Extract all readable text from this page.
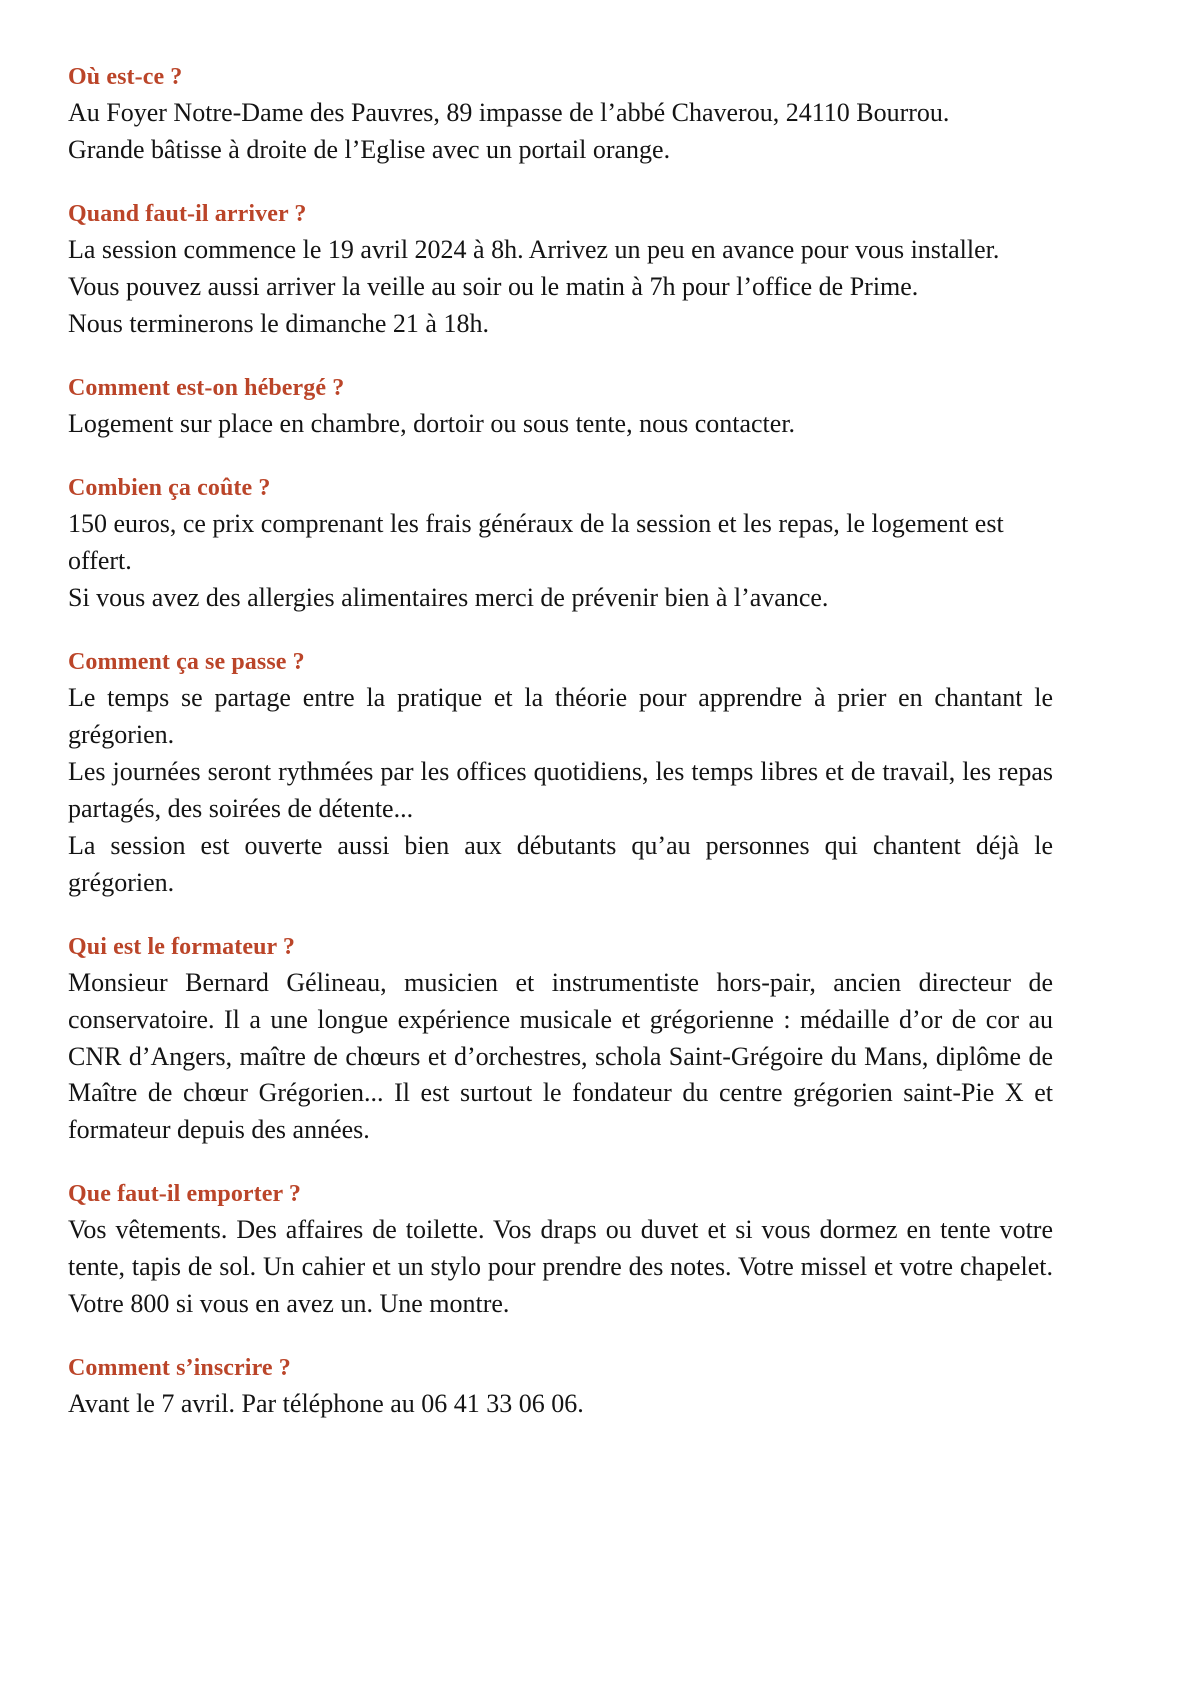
Où est-ce ?
Au Foyer Notre-Dame des Pauvres, 89 impasse de l’abbé Chaverou, 24110 Bourrou.
Grande bâtisse à droite de l’Eglise avec un portail orange.
Quand faut-il arriver ?
La session commence le 19 avril 2024 à 8h. Arrivez un peu en avance pour vous installer.
Vous pouvez aussi arriver la veille au soir ou le matin à 7h pour l’office de Prime.
Nous terminerons le dimanche 21 à 18h.
Comment est-on hébergé ?
Logement sur place en chambre, dortoir ou sous tente, nous contacter.
Combien ça coûte ?
150 euros, ce prix comprenant les frais généraux de la session et les repas, le logement est offert.
Si vous avez des allergies alimentaires merci de prévenir bien à l’avance.
Comment ça se passe ?

Le temps se partage entre la pratique et la théorie pour apprendre à prier en chantant le grégorien.

Les journées seront rythmées par les offices quotidiens, les temps libres et de travail, les repas partagés, des soirées de détente...

La session est ouverte aussi bien aux débutants qu’au personnes qui chantent déjà le grégorien.

Qui est le formateur ?

Monsieur Bernard Gélineau, musicien et instrumentiste hors-pair, ancien directeur de conservatoire. Il a une longue expérience musicale et grégorienne : médaille d’or de cor au CNR d’Angers, maître de chœurs et d’orchestres, schola Saint-Grégoire du Mans, diplôme de Maître de chœur Grégorien... Il est surtout le fondateur du centre grégorien saint-Pie X et formateur depuis des années.

Que faut-il emporter ?

Vos vêtements. Des affaires de toilette. Vos draps ou duvet et si vous dormez en tente votre tente, tapis de sol. Un cahier et un stylo pour prendre des notes. Votre missel et votre chapelet. Votre 800 si vous en avez un. Une montre.

Comment s’inscrire ?
Avant le 7 avril. Par téléphone au 06 41 33 06 06.
